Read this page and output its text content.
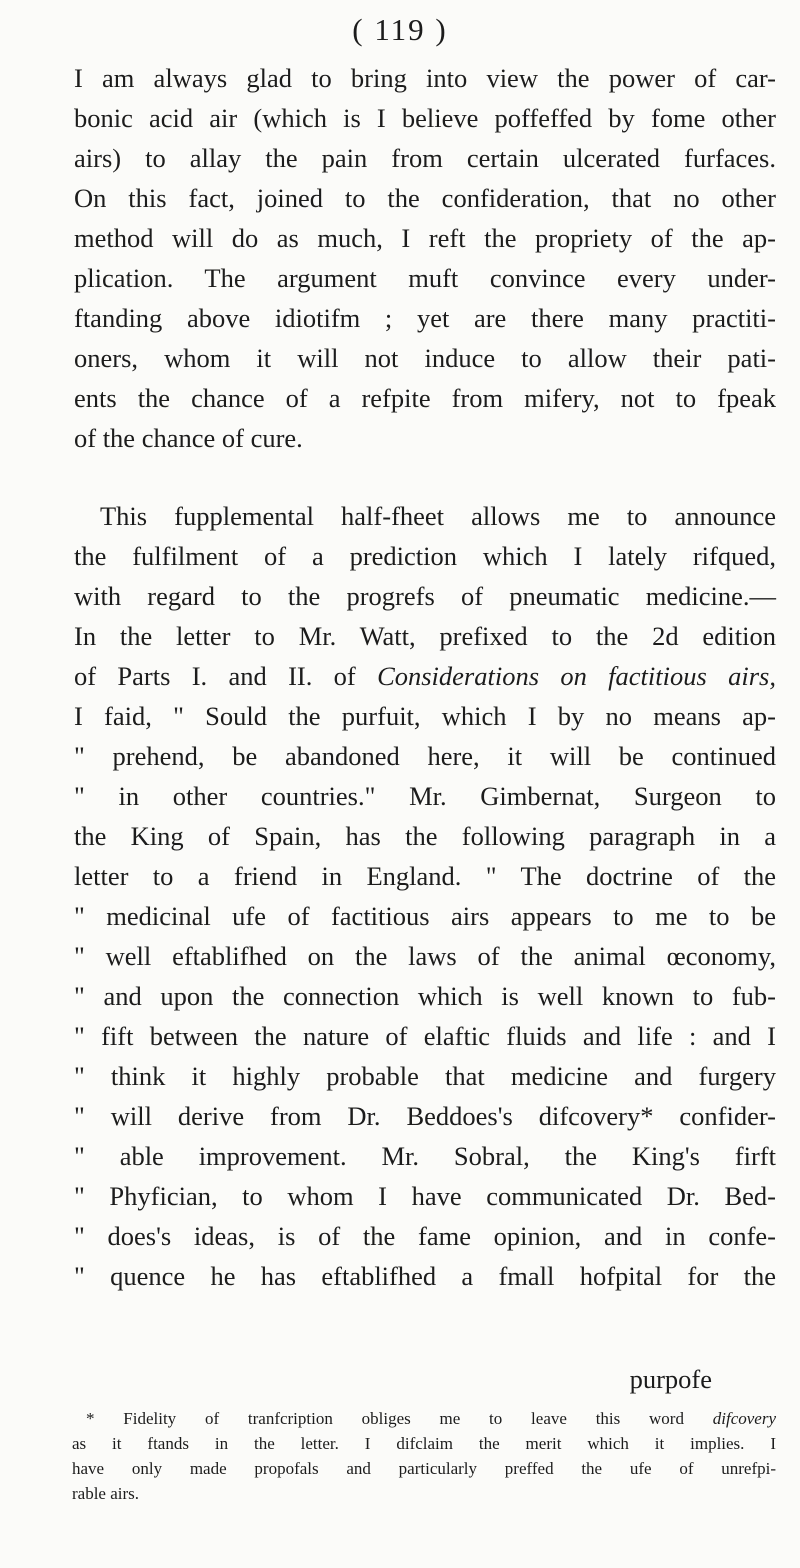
( 119 )
I am always glad to bring into view the power of car-
bonic acid air (which is I believe poffeffed by fome other
airs) to allay the pain from certain ulcerated furfaces.
On this fact, joined to the confideration, that no other
method will do as much, I reft the propriety of the ap-
plication. The argument muft convince every under-
ftanding above idiotifm ; yet are there many practiti-
oners, whom it will not induce to allow their pati-
ents the chance of a refpite from mifery, not to fpeak
of the chance of cure.
This fupplemental half-fheet allows me to announce
the fulfilment of a prediction which I lately rifqued,
with regard to the progrefs of pneumatic medicine.—
In the letter to Mr. Watt, prefixed to the 2d edition
of Parts I. and II. of Considerations on factitious airs,
I faid, " Sould the purfuit, which I by no means ap-
" prehend, be abandoned here, it will be continued
" in other countries." Mr. Gimbernat, Surgeon to
the King of Spain, has the following paragraph in a
letter to a friend in England. " The doctrine of the
" medicinal ufe of factitious airs appears to me to be
" well eftablifhed on the laws of the animal œconomy,
" and upon the connection which is well known to fub-
" fift between the nature of elaftic fluids and life : and I
" think it highly probable that medicine and furgery
" will derive from Dr. Beddoes's difcovery* confider-
" able improvement. Mr. Sobral, the King's firft
" Phyfician, to whom I have communicated Dr. Bed-
" does's ideas, is of the fame opinion, and in confe-
" quence he has eftablifhed a fmall hofpital for the
purpofe
* Fidelity of tranfcription obliges me to leave this word difcovery
as it ftands in the letter. I difclaim the merit which it implies. I
have only made propofals and particularly preffed the ufe of unrefpi-
rable airs.
